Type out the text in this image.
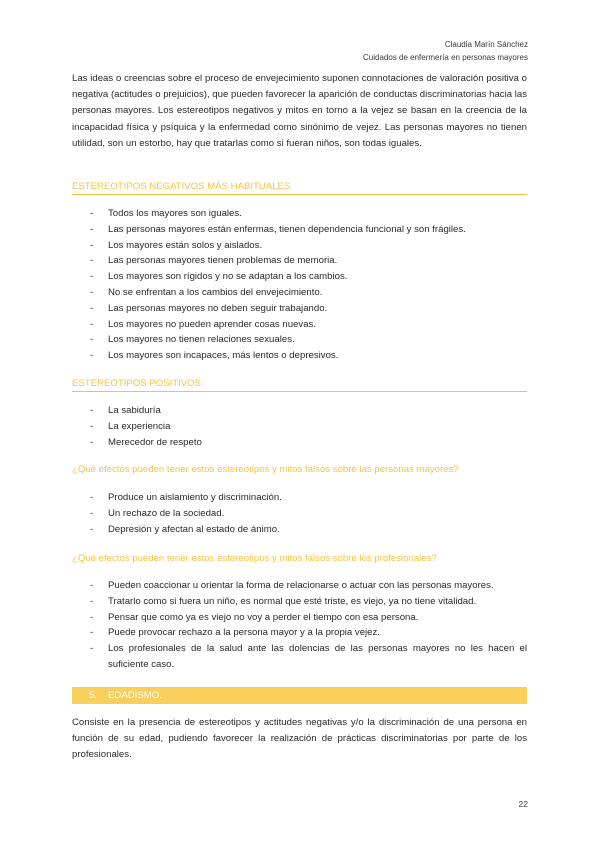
Claudia Marín Sánchez
Cuidados de enfermería en personas mayores

Las ideas o creencias sobre el proceso de envejecimiento suponen connotaciones de valoración positiva o negativa (actitudes o prejuicios), que pueden favorecer la aparición de conductas discriminatorias hacia las personas mayores. Los estereotipos negativos y mitos en torno a la vejez se basan en la creencia de la incapacidad física y psíquica y la enfermedad como sinónimo de vejez. Las personas mayores no tienen utilidad, son un estorbo, hay que tratarlas como si fueran niños, son todas iguales.

ESTEREOTIPOS NEGATIVOS MÁS HABITUALES
- Todos los mayores son iguales.
- Las personas mayores están enfermas, tienen dependencia funcional y son frágiles.
- Los mayores están solos y aislados.
- Las personas mayores tienen problemas de memoria.
- Los mayores son rígidos y no se adaptan a los cambios.
- No se enfrentan a los cambios del envejecimiento.
- Las personas mayores no deben seguir trabajando.
- Los mayores no pueden aprender cosas nuevas.
- Los mayores no tienen relaciones sexuales.
- Los mayores son incapaces, más lentos o depresivos.
ESTEREOTIPOS POSITIVOS
- La sabiduría
- La experiencia
- Merecedor de respeto
¿Qué efectos pueden tener estos estereotipos y mitos falsos sobre las personas mayores?
- Produce un aislamiento y discriminación.
- Un rechazo de la sociedad.
- Depresión y afectan al estado de ánimo.
¿Qué efectos pueden tener estos estereotipos y mitos falsos sobre los profesionales?
- Pueden coaccionar u orientar la forma de relacionarse o actuar con las personas mayores.
- Tratarlo como si fuera un niño, es normal que esté triste, es viejo, ya no tiene vitalidad.
- Pensar que como ya es viejo no voy a perder el tiempo con esa persona.
- Puede provocar rechazo a la persona mayor y a la propia vejez.
- Los profesionales de la salud ante las dolencias de las personas mayores no les hacen el suficiente caso.
5. EDADISMO.

Consiste en la presencia de estereotipos y actitudes negativas y/o la discriminación de una persona en función de su edad, pudiendo favorecer la realización de prácticas discriminatorias por parte de los profesionales.

22
